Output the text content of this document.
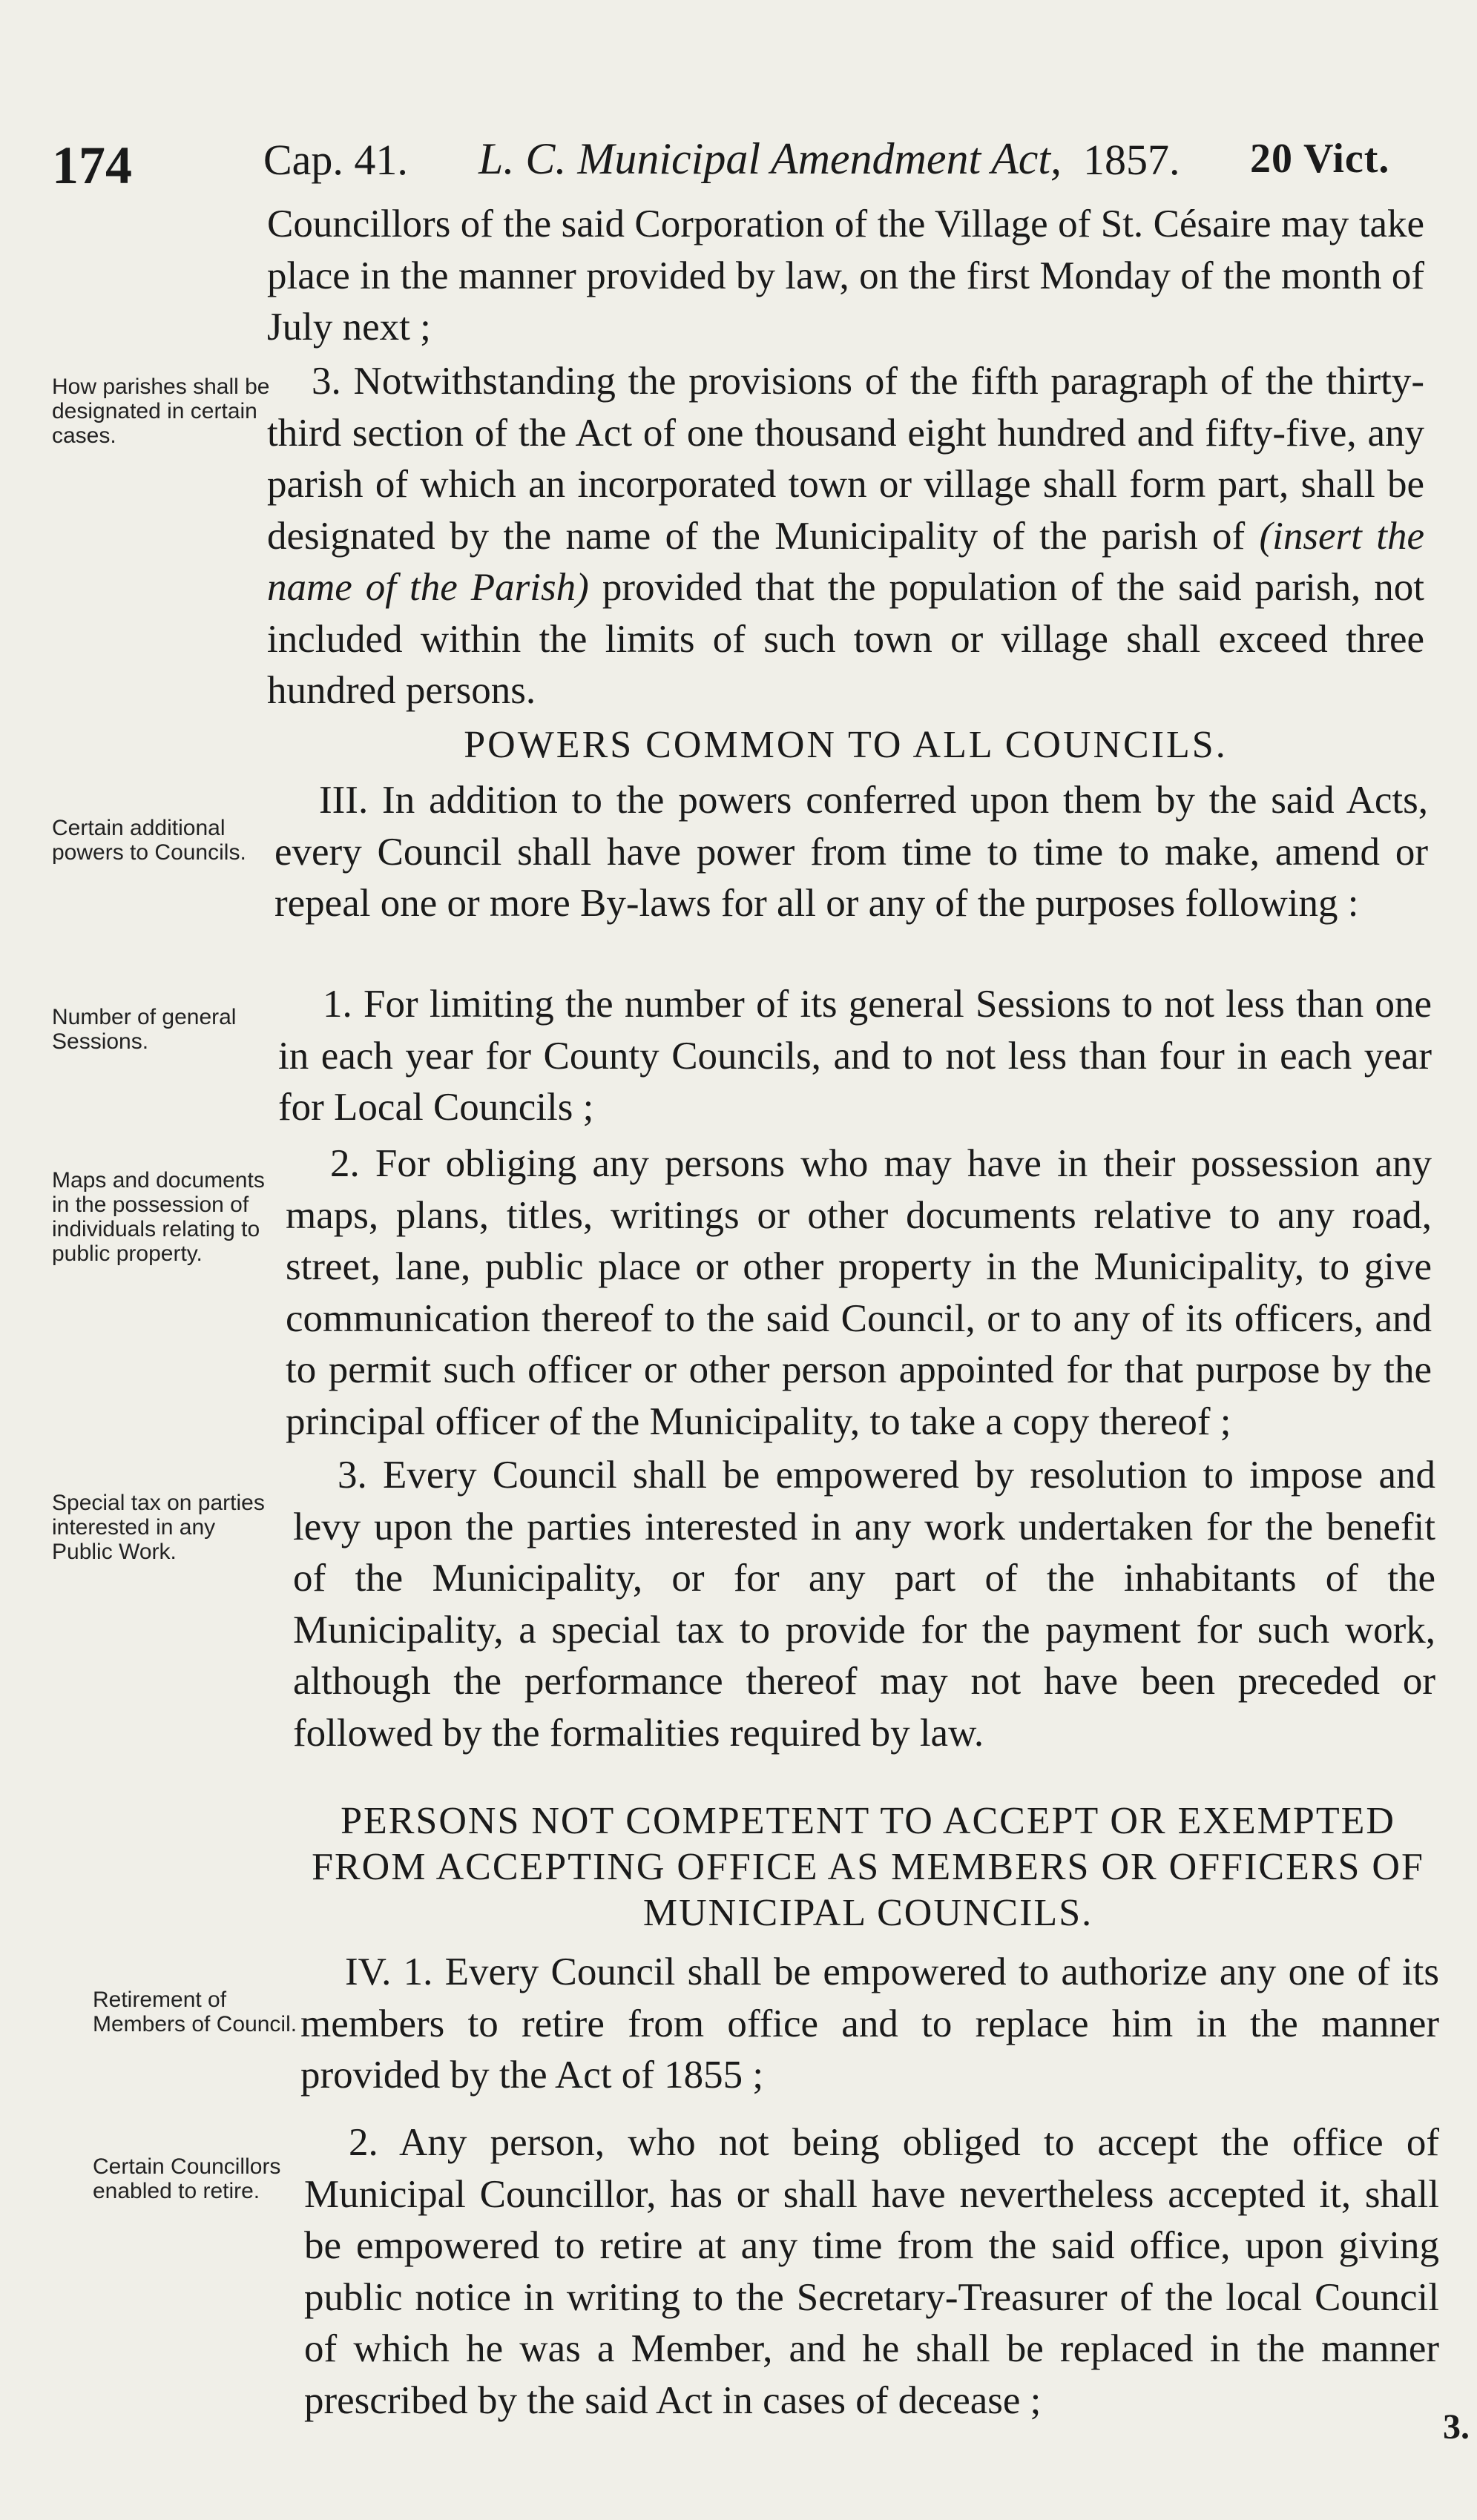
174	Cap. 41. L. C. Municipal Amendment Act, 1857. 20 Vict.
Councillors of the said Corporation of the Village of St. Césaire may take place in the manner provided by law, on the first Monday of the month of July next ;
How parishes shall be designated in certain cases.
3. Notwithstanding the provisions of the fifth paragraph of the thirty-third section of the Act of one thousand eight hundred and fifty-five, any parish of which an incorporated town or village shall form part, shall be designated by the name of the Municipality of the parish of (insert the name of the Parish) provided that the population of the said parish, not included within the limits of such town or village shall exceed three hundred persons.
POWERS COMMON TO ALL COUNCILS.
Certain additional powers to Councils.
III. In addition to the powers conferred upon them by the said Acts, every Council shall have power from time to time to make, amend or repeal one or more By-laws for all or any of the purposes following :
Number of general Sessions.
1. For limiting the number of its general Sessions to not less than one in each year for County Councils, and to not less than four in each year for Local Councils ;
Maps and documents in the possession of individuals relating to public property.
2. For obliging any persons who may have in their possession any maps, plans, titles, writings or other documents relative to any road, street, lane, public place or other property in the Municipality, to give communication thereof to the said Council, or to any of its officers, and to permit such officer or other person appointed for that purpose by the principal officer of the Municipality, to take a copy thereof ;
Special tax on parties interested in any Public Work.
3. Every Council shall be empowered by resolution to impose and levy upon the parties interested in any work undertaken for the benefit of the Municipality, or for any part of the inhabitants of the Municipality, a special tax to provide for the payment for such work, although the performance thereof may not have been preceded or followed by the formalities required by law.
PERSONS NOT COMPETENT TO ACCEPT OR EXEMPTED FROM ACCEPTING OFFICE AS MEMBERS OR OFFICERS OF MUNICIPAL COUNCILS.
Retirement of Members of Council.
IV. 1. Every Council shall be empowered to authorize any one of its members to retire from office and to replace him in the manner provided by the Act of 1855 ;
Certain Councillors enabled to retire.
2. Any person, who not being obliged to accept the office of Municipal Councillor, has or shall have nevertheless accepted it, shall be empowered to retire at any time from the said office, upon giving public notice in writing to the Secretary-Treasurer of the local Council of which he was a Member, and he shall be replaced in the manner prescribed by the said Act in cases of decease ;
3.
